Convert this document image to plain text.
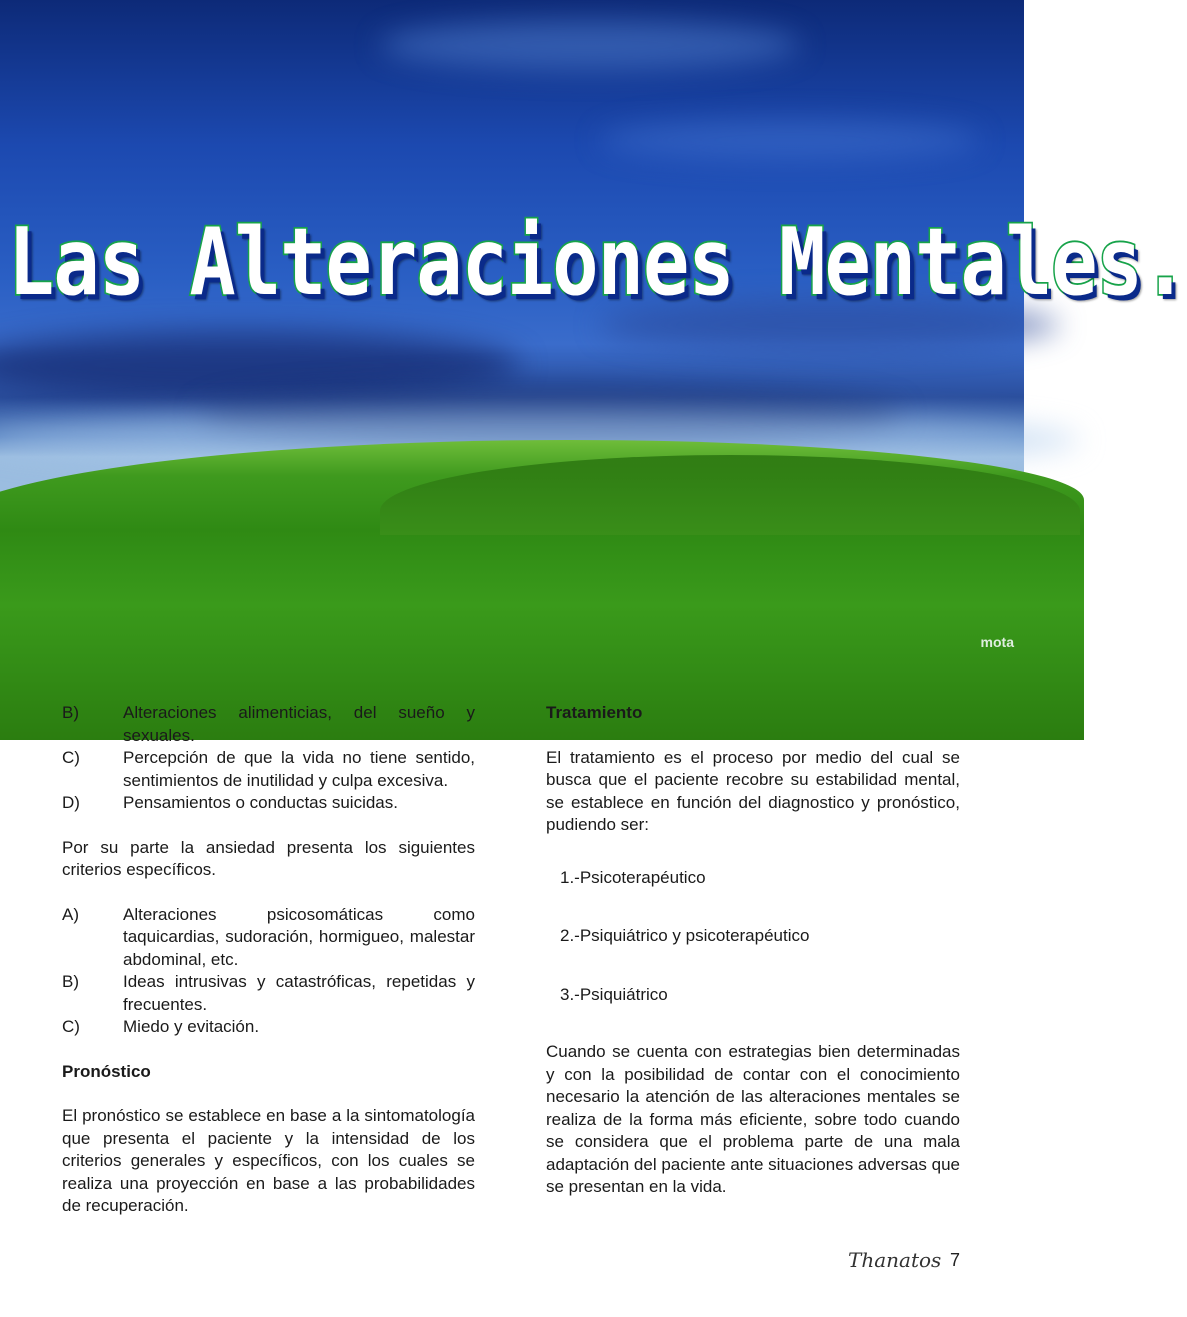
Las Alteraciones Mentales.
mota
B)	Alteraciones alimenticias, del sueño y sexuales.
C)	Percepción de que la vida no tiene sentido, sentimientos de inutilidad y culpa excesiva.
D)	Pensamientos o conductas suicidas.

Por su parte la ansiedad presenta los siguientes criterios específicos.

A)	Alteraciones psicosomáticas como taquicardias, sudoración, hormigueo, malestar abdominal, etc.
B)	Ideas intrusivas y catastróficas, repetidas y frecuentes.
C)	Miedo y evitación.
Pronóstico

El pronóstico se establece en base a la sintomatología que presenta el paciente y la intensidad de los criterios generales y específicos, con los cuales se realiza una proyección en base a las probabilidades de recuperación.

Tratamiento

El tratamiento es el proceso por medio del cual se busca que el paciente recobre su estabilidad mental, se establece en función del diagnostico y pronóstico, pudiendo ser:

1.-Psicoterapéutico

2.-Psiquiátrico y psicoterapéutico

3.-Psiquiátrico

Cuando se cuenta con estrategias bien determinadas y con la posibilidad de contar con el conocimiento necesario la atención de las alteraciones mentales se realiza de la forma más eficiente, sobre todo cuando se considera que el problema parte de una mala adaptación del paciente ante situaciones adversas que se presentan en la vida.

Thanatos 7
